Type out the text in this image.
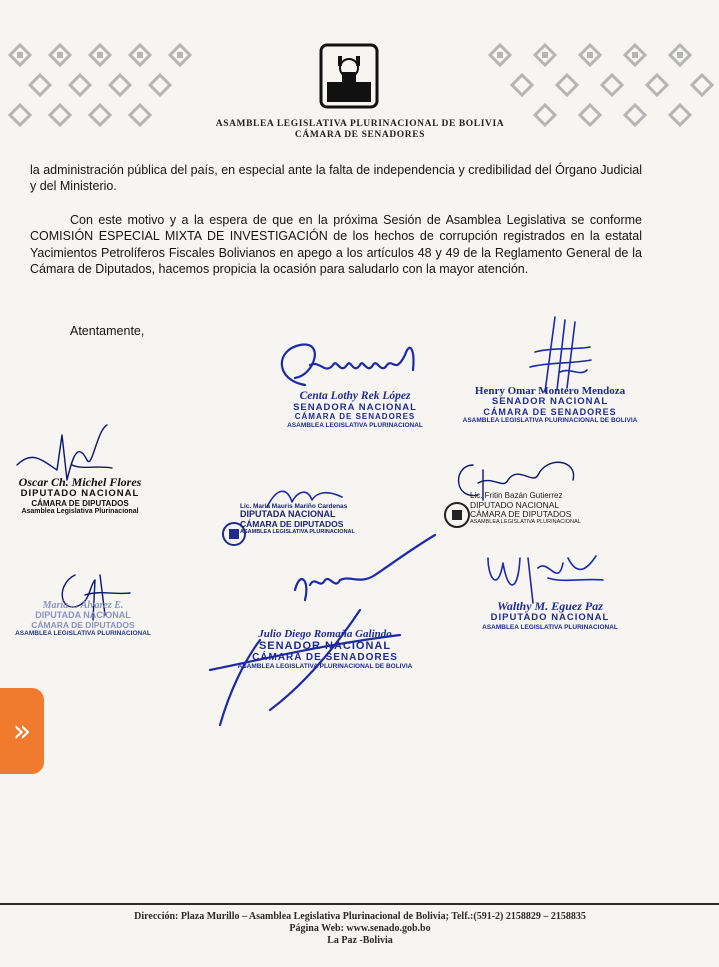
ASAMBLEA LEGISLATIVA PLURINACIONAL DE BOLIVIA
CÁMARA DE SENADORES
la administración pública del país, en especial ante la falta de independencia y credibilidad del Órgano Judicial y del Ministerio.
Con este motivo y a la espera de que en la próxima Sesión de Asamblea Legislativa se conforme COMISIÓN ESPECIAL MIXTA DE INVESTIGACIÓN de los hechos de corrupción registrados en la estatal Yacimientos Petrolíferos Fiscales Bolivianos en apego a los artículos 48 y 49 de la Reglamento General de la Cámara de Diputados, hacemos propicia la ocasión para saludarlo con la mayor atención.
Atentamente,
Centa Lothy Rek López
SENADORA NACIONAL
CÁMARA DE SENADORES
ASAMBLEA LEGISLATIVA PLURINACIONAL
Henry Omar Montero Mendoza
SENADOR NACIONAL
CÁMARA DE SENADORES
ASAMBLEA LEGISLATIVA PLURINACIONAL DE BOLIVIA
Oscar Ch. Michel Flores
DIPUTADO NACIONAL
CÁMARA DE DIPUTADOS
Asamblea Legislativa Plurinacional
Lic. María Mauris Mariño Cardenas
DIPUTADA NACIONAL
CÁMARA DE DIPUTADOS
ASAMBLEA LEGISLATIVA PLURINACIONAL
Lic. Fritin Bazán Gutierrez
DIPUTADO NACIONAL
CÁMARA DE DIPUTADOS
ASAMBLEA LEGISLATIVA PLURINACIONAL
María ... Álvarez E.
DIPUTADA NACIONAL
CÁMARA DE DIPUTADOS
ASAMBLEA LEGISLATIVA PLURINACIONAL	Julio Diego Romaña Galindo
SENADOR NACIONAL
CÁMARA DE SENADORES
ASAMBLEA LEGISLATIVA PLURINACIONAL DE BOLIVIA
Walthy M. Eguez Paz
DIPUTADO NACIONAL
ASAMBLEA LEGISLATIVA PLURINACIONAL
Dirección: Plaza Murillo – Asamblea Legislativa Plurinacional de Bolivia; Telf.:(591-2) 2158829 – 2158835
Página Web: www.senado.gob.bo
La Paz -Bolivia
»
